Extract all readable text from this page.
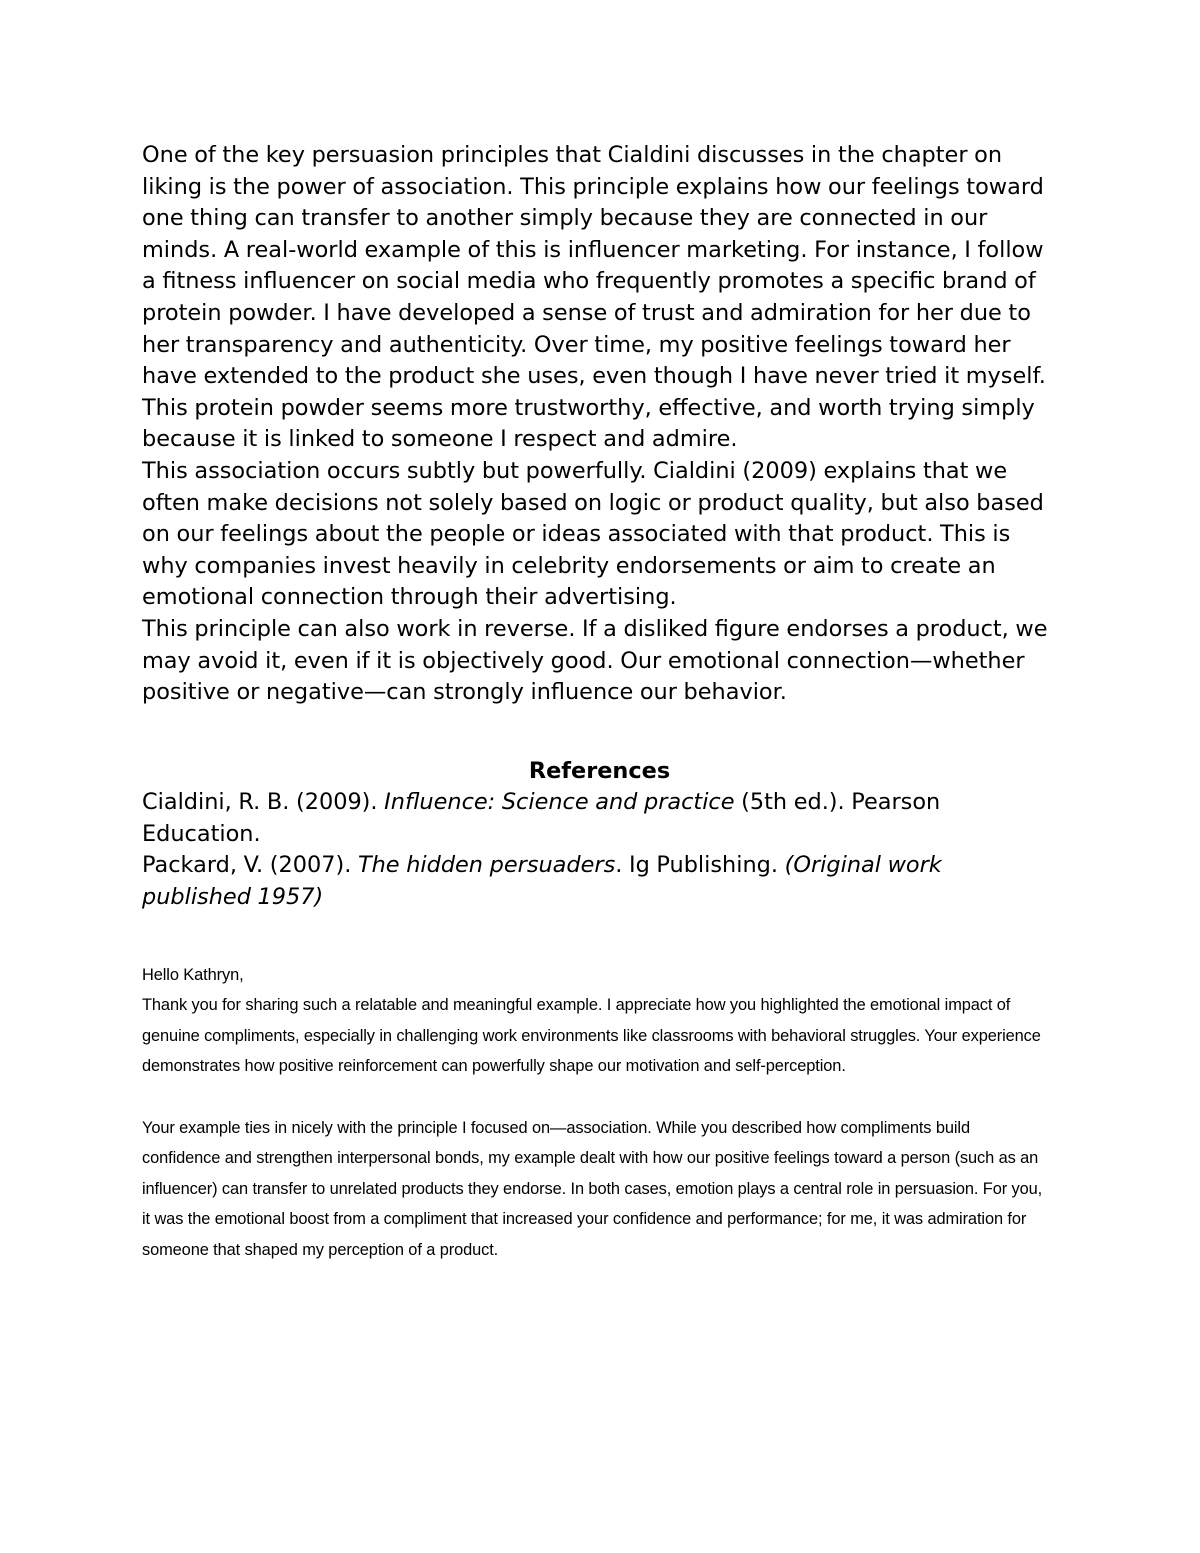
One of the key persuasion principles that Cialdini discusses in the chapter on liking is the power of association. This principle explains how our feelings toward one thing can transfer to another simply because they are connected in our minds. A real-world example of this is influencer marketing. For instance, I follow a fitness influencer on social media who frequently promotes a specific brand of protein powder. I have developed a sense of trust and admiration for her due to her transparency and authenticity. Over time, my positive feelings toward her have extended to the product she uses, even though I have never tried it myself. This protein powder seems more trustworthy, effective, and worth trying simply because it is linked to someone I respect and admire.

This association occurs subtly but powerfully. Cialdini (2009) explains that we often make decisions not solely based on logic or product quality, but also based on our feelings about the people or ideas associated with that product. This is why companies invest heavily in celebrity endorsements or aim to create an emotional connection through their advertising.

This principle can also work in reverse. If a disliked figure endorses a product, we may avoid it, even if it is objectively good. Our emotional connection—whether positive or negative—can strongly influence our behavior.

References

Cialdini, R. B. (2009). Influence: Science and practice (5th ed.). Pearson Education.

Packard, V. (2007). The hidden persuaders. Ig Publishing. (Original work published 1957)

Hello Kathryn,

Thank you for sharing such a relatable and meaningful example. I appreciate how you highlighted the emotional impact of genuine compliments, especially in challenging work environments like classrooms with behavioral struggles. Your experience demonstrates how positive reinforcement can powerfully shape our motivation and self-perception.

Your example ties in nicely with the principle I focused on—association. While you described how compliments build confidence and strengthen interpersonal bonds, my example dealt with how our positive feelings toward a person (such as an influencer) can transfer to unrelated products they endorse. In both cases, emotion plays a central role in persuasion. For you, it was the emotional boost from a compliment that increased your confidence and performance; for me, it was admiration for someone that shaped my perception of a product.
